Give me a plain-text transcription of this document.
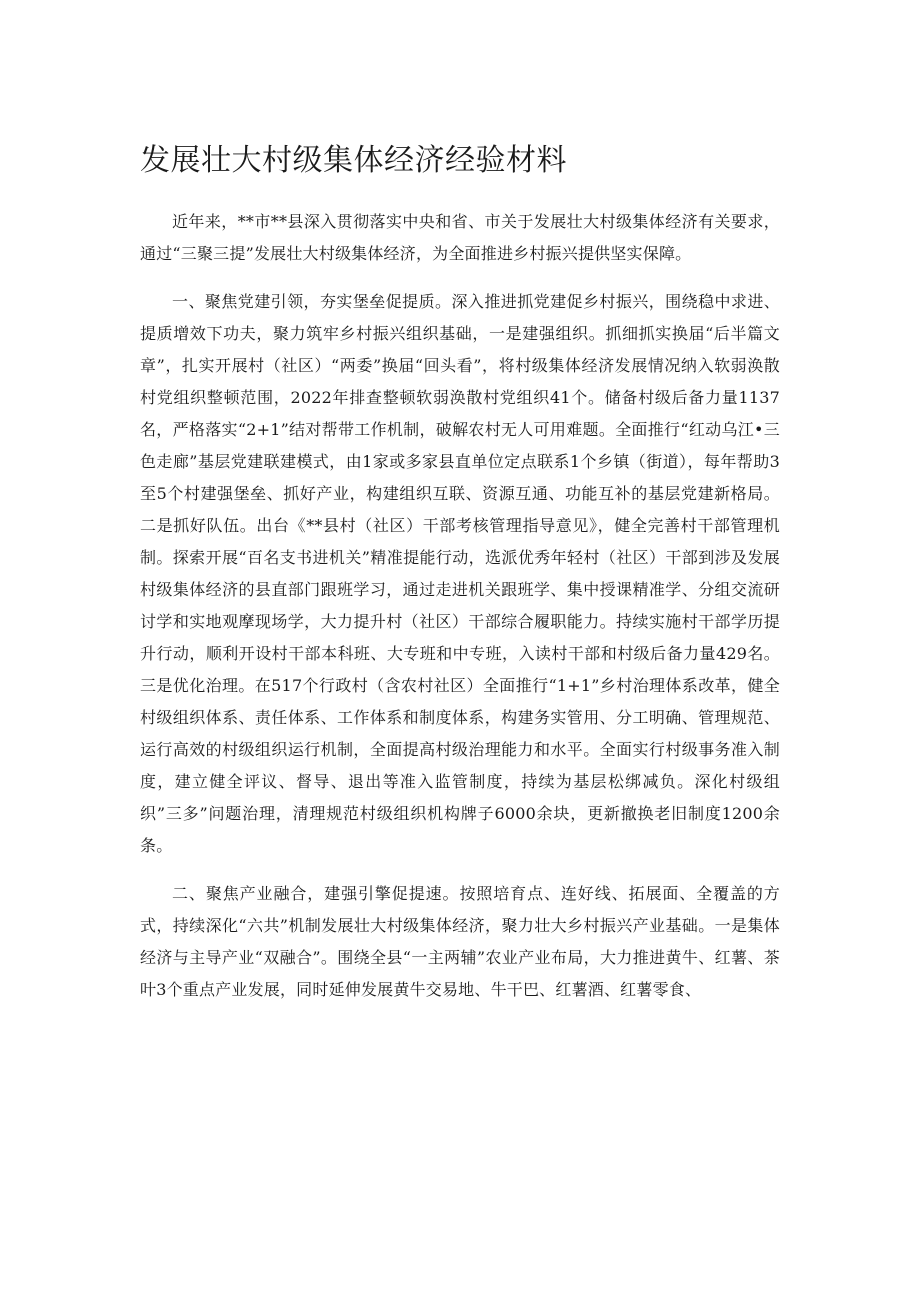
发展壮大村级集体经济经验材料

近年来，**市**县深入贯彻落实中央和省、市关于发展壮大村级集体经济有关要求，通过“三聚三提”发展壮大村级集体经济，为全面推进乡村振兴提供坚实保障。

一、聚焦党建引领，夯实堡垒促提质。深入推进抓党建促乡村振兴，围绕稳中求进、提质增效下功夫，聚力筑牢乡村振兴组织基础，一是建强组织。抓细抓实换届“后半篇文章”，扎实开展村（社区）“两委”换届“回头看”，将村级集体经济发展情况纳入软弱涣散村党组织整顿范围，2022年排查整顿软弱涣散村党组织41个。储备村级后备力量1137名，严格落实“2+1”结对帮带工作机制，破解农村无人可用难题。全面推行“红动乌江•三色走廊”基层党建联建模式，由1家或多家县直单位定点联系1个乡镇（街道），每年帮助3至5个村建强堡垒、抓好产业，构建组织互联、资源互通、功能互补的基层党建新格局。二是抓好队伍。出台《**县村（社区）干部考核管理指导意见》，健全完善村干部管理机制。探索开展“百名支书进机关”精准提能行动，选派优秀年轻村（社区）干部到涉及发展村级集体经济的县直部门跟班学习，通过走进机关跟班学、集中授课精准学、分组交流研讨学和实地观摩现场学，大力提升村（社区）干部综合履职能力。持续实施村干部学历提升行动，顺利开设村干部本科班、大专班和中专班，入读村干部和村级后备力量429名。三是优化治理。在517个行政村（含农村社区）全面推行“1+1”乡村治理体系改革，健全村级组织体系、责任体系、工作体系和制度体系，构建务实管用、分工明确、管理规范、运行高效的村级组织运行机制，全面提高村级治理能力和水平。全面实行村级事务准入制度，建立健全评议、督导、退出等准入监管制度，持续为基层松绑减负。深化村级组织”三多”问题治理，清理规范村级组织机构牌子6000余块，更新撤换老旧制度1200余条。

二、聚焦产业融合，建强引擎促提速。按照培育点、连好线、拓展面、全覆盖的方式，持续深化“六共”机制发展壮大村级集体经济，聚力壮大乡村振兴产业基础。一是集体经济与主导产业“双融合”。围绕全县“一主两辅”农业产业布局，大力推进黄牛、红薯、茶叶3个重点产业发展，同时延伸发展黄牛交易地、牛干巴、红薯酒、红薯零食、
